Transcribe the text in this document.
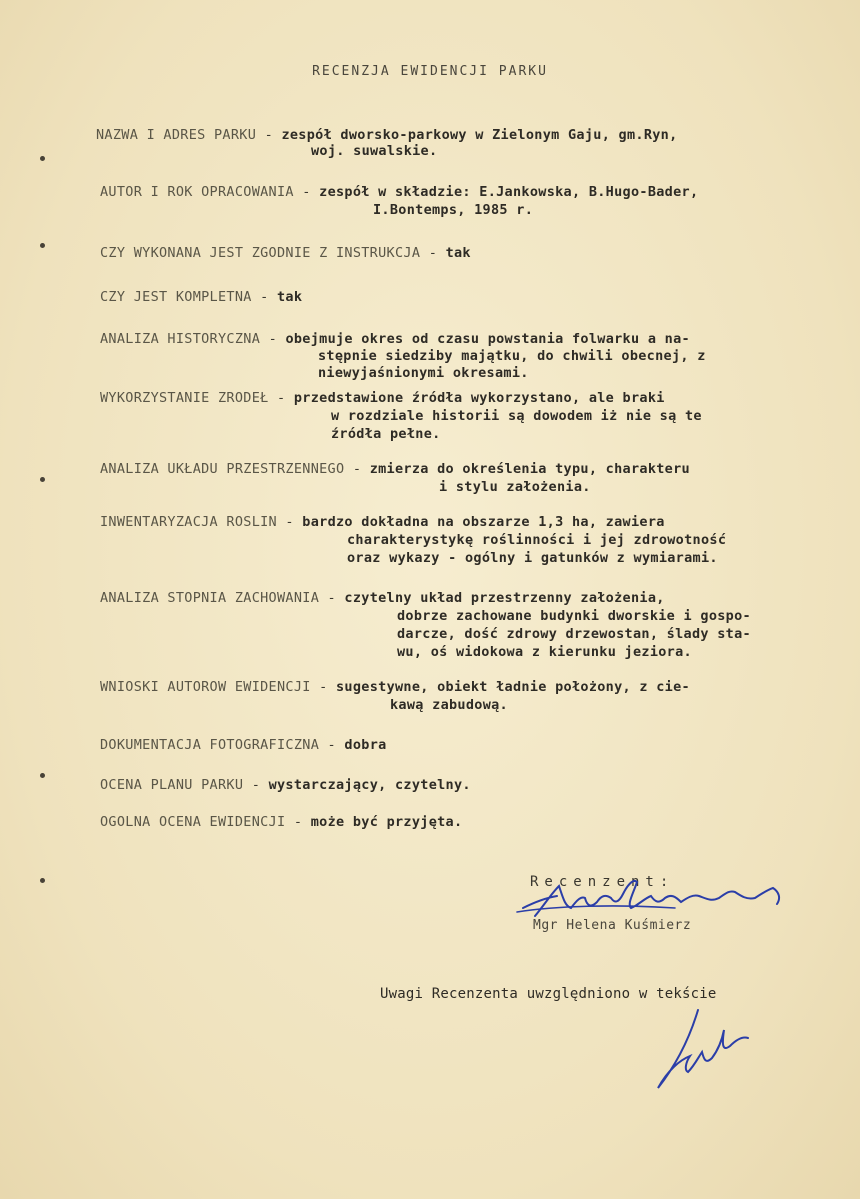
RECENZJA EWIDENCJI PARKU
NAZWA I ADRES PARKU - zespół dworsko-parkowy w Zielonym Gaju, gm.Ryn,
woj. suwalskie.
AUTOR I ROK OPRACOWANIA - zespół w składzie: E.Jankowska, B.Hugo-Bader,
I.Bontemps, 1985 r.
CZY WYKONANA JEST ZGODNIE Z INSTRUKCJA - tak
CZY JEST KOMPLETNA - tak
ANALIZA HISTORYCZNA - obejmuje okres od czasu powstania folwarku a na-
stępnie siedziby majątku, do chwili obecnej, z
niewyjaśnionymi okresami.
WYKORZYSTANIE ZRODEŁ - przedstawione źródła wykorzystano, ale braki
w rozdziale historii są dowodem iż nie są te
źródła pełne.
ANALIZA UKŁADU PRZESTRZENNEGO - zmierza do określenia typu, charakteru
i stylu założenia.
INWENTARYZACJA ROSLIN - bardzo dokładna na obszarze 1,3 ha, zawiera
charakterystykę roślinności i jej zdrowotność
oraz wykazy - ogólny i gatunków z wymiarami.
ANALIZA STOPNIA ZACHOWANIA - czytelny układ przestrzenny założenia,
dobrze zachowane budynki dworskie i gospo-
darcze, dość zdrowy drzewostan, ślady sta-
wu, oś widokowa z kierunku jeziora.
WNIOSKI AUTOROW EWIDENCJI - sugestywne, obiekt ładnie położony, z cie-
kawą zabudową.
DOKUMENTACJA FOTOGRAFICZNA - dobra
OCENA PLANU PARKU - wystarczający, czytelny.
OGOLNA OCENA EWIDENCJI - może być przyjęta.
Recenzent:
Mgr Helena Kuśmierz
Uwagi Recenzenta uwzględniono w tekście
